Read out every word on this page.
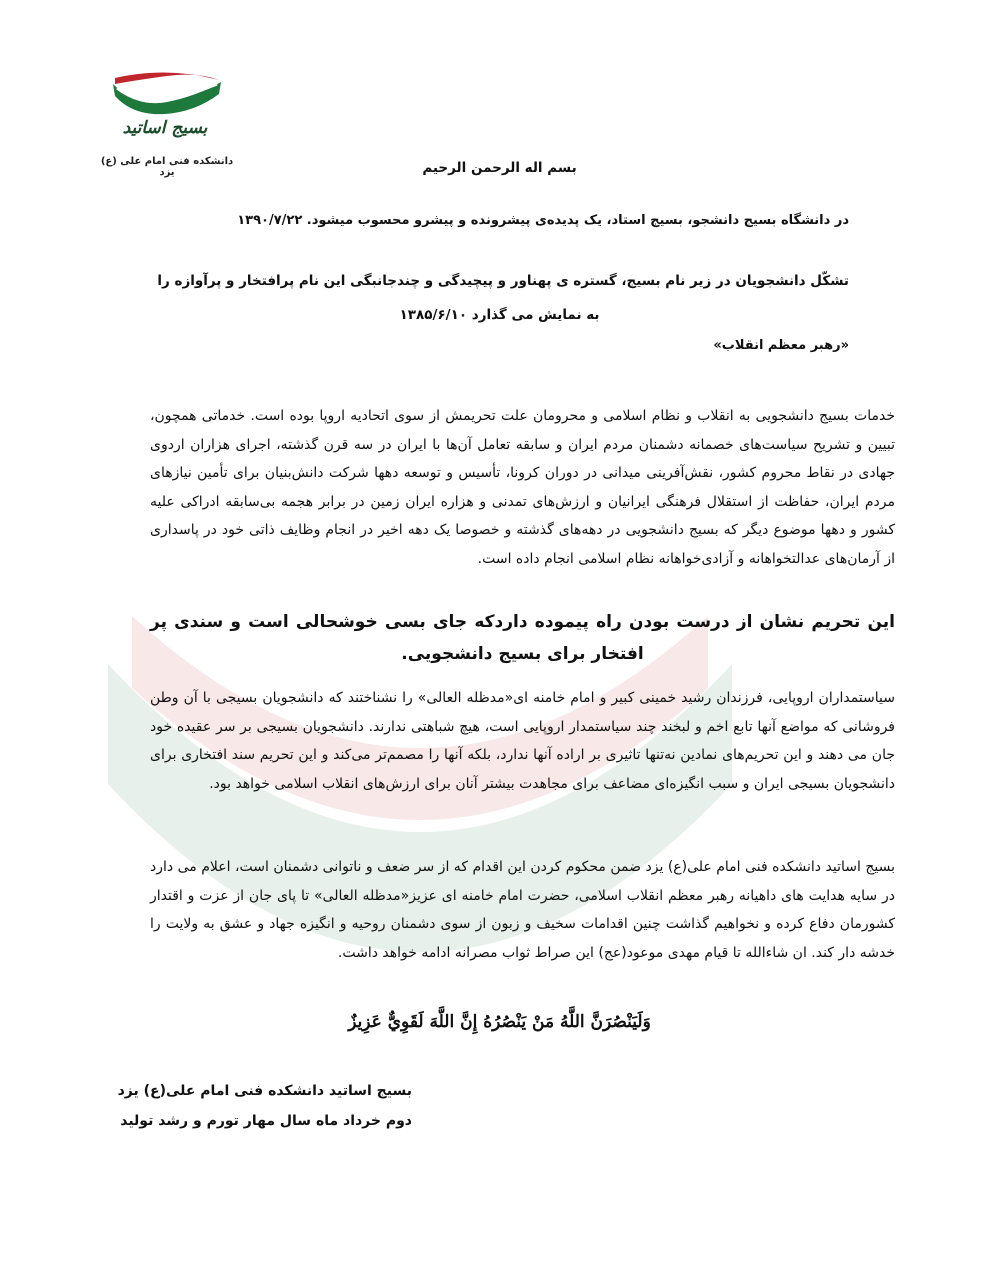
بسیج اساتید
دانشکده فنی امام علی (ع) یزد	بسم اله الرحمن الرحیم
در دانشگاه بسیج دانشجو، بسیج استاد، یک پدیده‌ی پیشرونده و پیشرو محسوب میشود. ۱۳۹۰/۷/۲۲
تشکّل دانشجویان در زیر نام بسیج، گستره ی پهناور و پیچیدگی و چندجانبگی این نام پرافتخار و پرآوازه را
به نمایش می گذارد ۱۳۸۵/۶/۱۰
«رهبر معظم انقلاب»
خدمات بسیج دانشجویی به انقلاب و نظام اسلامی و محرومان علت تحریمش از سوی اتحادیه اروپا بوده است. خدماتی همچون، تبیین و تشریح سیاست‌های خصمانه دشمنان مردم ایران و سابقه تعامل آن‌ها با ایران در سه قرن گذشته، اجرای هزاران اردوی جهادی در نقاط محروم کشور، نقش‌آفرینی میدانی در دوران کرونا، تأسیس و توسعه دهها شرکت دانش‌بنیان برای تأمین نیازهای مردم ایران، حفاظت از استقلال فرهنگی ایرانیان و ارزش‌های تمدنی و هزاره ایران زمین در برابر هجمه بی‌سابقه ادراکی علیه کشور و دهها موضوع دیگر که بسیج دانشجویی در دهه‌های گذشته و خصوصا یک دهه اخیر در انجام وظایف ذاتی خود در پاسداری از آرمان‌های عدالتخواهانه و آزادی‌خواهانه نظام اسلامی انجام داده است.
این تحریم نشان از درست بودن راه پیموده داردکه جای بسی خوشحالی است و سندی پر افتخار برای بسیج دانشجویی.
سیاستمداران اروپایی، فرزندان رشید خمینی کبیر و امام خامنه ای«مدظله العالی» را نشناختند که دانشجویان بسیجی با آن وطن فروشانی که مواضع آنها تابع اخم و لبخند چند سیاستمدار اروپایی است، هیچ شباهتی ندارند. دانشجویان بسیجی بر سر عقیده خود جان می دهند و این تحریم‌های نمادین نه‌تنها تاثیری بر اراده آنها ندارد، بلکه آنها را مصمم‌تر می‌کند و این تحریم سند افتخاری برای دانشجویان بسیجی ایران و سبب انگیزه‌ای مضاعف برای مجاهدت بیشتر آنان برای ارزش‌های انقلاب اسلامی خواهد بود.
بسیج اساتید دانشکده فنی امام علی(ع) یزد ضمن محکوم کردن این اقدام که از سر ضعف و ناتوانی دشمنان است، اعلام می دارد در سایه هدایت های داهیانه رهبر معظم انقلاب اسلامی، حضرت امام خامنه ای عزیز«مدظله العالی» تا پای جان از عزت و اقتدار کشورمان دفاع کرده و نخواهیم گذاشت چنین اقدامات سخیف و زبون از سوی دشمنان روحیه و انگیزه جهاد و عشق به ولایت را خدشه دار کند. ان شاءالله تا قیام مهدی موعود(عج) این صراط ثواب مصرانه ادامه خواهد داشت.
وَلَيَنْصُرَنَّ اللَّهُ مَنْ يَنْصُرُهُ إِنَّ اللَّهَ لَقَوِيٌّ عَزِيزٌ
بسیج اساتید دانشکده فنی امام علی(ع) یزد
دوم خرداد ماه سال مهار تورم و رشد تولید
